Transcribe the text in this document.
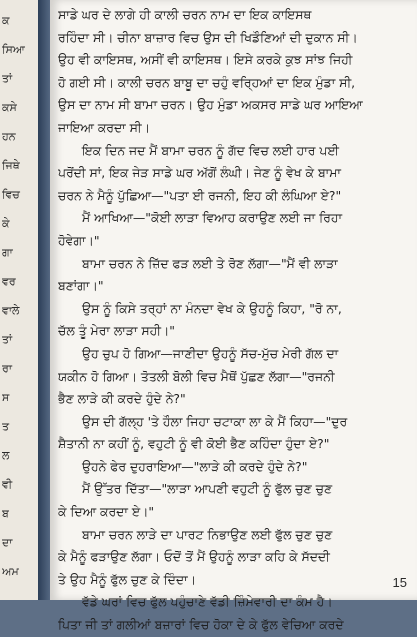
ਕ
ਸਿਆ
ਤਾਂ
ਕਸੇ
ਹਨ
ਜਿਥੇ
ਵਿਚ
ਕੇ
ਗਾ
ਵਰ
ਵਾਲੇ
ਤਾਂ
ਰਾ
ਸ
ਤ
ਲ
ਵੀ
ਬ
ਦਾ
ਅਮ
ਸਾਡੇ ਘਰ ਦੇ ਲਾਗੇ ਹੀ ਕਾਲੀ ਚਰਨ ਨਾਮ ਦਾ ਇਕ ਕਾਇਸਥ
ਰਹਿੰਦਾ ਸੀ। ਚੀਨਾ ਬਾਜ਼ਾਰ ਵਿਚ ਉਸ ਦੀ ਖਿਡੌਣਿਆਂ ਦੀ ਦੁਕਾਨ ਸੀ।
ਉਹ ਵੀ ਕਾਇਸਥ, ਅਸੀਂ ਵੀ ਕਾਇਸਥ। ਇਸੇ ਕਰਕੇ ਕੁਝ ਸਾਂਝ ਜਿਹੀ
ਹੋ ਗਈ ਸੀ। ਕਾਲੀ ਚਰਨ ਬਾਬੂ ਦਾ ਚਹੁੰ ਵਰ੍ਹਿਆਂ ਦਾ ਇਕ ਮੁੰਡਾ ਸੀ,
ਉਸ ਦਾ ਨਾਮ ਸੀ ਬਾਮਾ ਚਰਨ। ਉਹ ਮੁੰਡਾ ਅਕਸਰ ਸਾਡੇ ਘਰ ਆਇਆ
ਜਾਇਆ ਕਰਦਾ ਸੀ।
ਇਕ ਦਿਨ ਜਦ ਮੈਂ ਬਾਮਾ ਚਰਨ ਨੂੰ ਗੱਦ ਵਿਚ ਲਈ ਹਾਰ ਪਈ
ਪਰੋਂਦੀ ਸਾਂ, ਇਕ ਜੇੜ ਸਾਡੇ ਘਰ ਅੱਗੋਂ ਲੰਘੀ। ਜੇਣ ਨੂੰ ਵੇਖ ਕੇ ਬਾਮਾ
ਚਰਨ ਨੇ ਮੈਨੂੰ ਪੁੱਛਿਆ—"ਪਤਾ ਈ ਰਜਨੀ, ਇਹ ਕੀ ਲੰਘਿਆ ਏ?"
ਮੈਂ ਆਖਿਆ—"ਕੋਈ ਲਾੜਾ ਵਿਆਹ ਕਰਾਉਣ ਲਈ ਜਾ ਰਿਹਾ
ਹੋਵੇਗਾ।"
ਬਾਮਾ ਚਰਨ ਨੇ ਜ਼ਿੱਦ ਫੜ ਲਈ ਤੇ ਰੋਣ ਲੱਗਾ—"ਮੈਂ ਵੀ ਲਾੜਾ
ਬਣਾਂਗਾ।"
ਉਸ ਨੂੰ ਕਿਸੇ ਤਰ੍ਹਾਂ ਨਾ ਮੰਨਦਾ ਵੇਖ ਕੇ ਉਹਨੂੰ ਕਿਹਾ, "ਰੋ ਨਾ,
ਚੱਲ ਤੂੰ ਮੇਰਾ ਲਾੜਾ ਸਹੀ।"
ਉਹ ਚੁਪ ਹੋ ਗਿਆ—ਜਾਣੀਦਾ ਉਹਨੂੰ ਸੱਚ-ਮੁੱਚ ਮੇਰੀ ਗੱਲ ਦਾ
ਯਕੀਨ ਹੋ ਗਿਆ। ਤੋਤਲੀ ਬੋਲੀ ਵਿਚ ਮੈਥੋਂ ਪੁੱਛਣ ਲੱਗਾ—"ਰਜਨੀ
ਭੈਣ ਲਾੜੇ ਕੀ ਕਰਦੇ ਹੁੰਦੇ ਨੇ?"
ਉਸ ਦੀ ਗੱਲ੍ਹ 'ਤੇ ਹੌਲਾ ਜਿਹਾ ਚਟਾਕਾ ਲਾ ਕੇ ਮੈਂ ਕਿਹਾ—"ਦੁਰ
ਸ਼ੈਤਾਨੀ ਨਾ ਕਹੀਂ ਨੂੰ, ਵਹੁਟੀ ਨੂੰ ਵੀ ਕੋਈ ਭੈਣ ਕਹਿੰਦਾ ਹੁੰਦਾ ਏ?"
ਉਹਨੇ ਫੇਰ ਦੁਹਰਾਇਆ—"ਲਾੜੇ ਕੀ ਕਰਦੇ ਹੁੰਦੇ ਨੇ?"
ਮੈਂ ਉੱਤਰ ਦਿੱਤਾ—"ਲਾੜਾ ਆਪਣੀ ਵਹੁਟੀ ਨੂੰ ਫੁੱਲ ਚੁਣ ਚੁਣ
ਕੇ ਦਿਆ ਕਰਦਾ ਏ।"
ਬਾਮਾ ਚਰਨ ਲਾੜੇ ਦਾ ਪਾਰਟ ਨਿਭਾਉਣ ਲਈ ਫੁੱਲ ਚੁਣ ਚੁਣ
ਕੇ ਮੈਨੂੰ ਫੜਾਉਣ ਲੱਗਾ। ਓਦੋਂ ਤੋਂ ਮੈਂ ਉਹਨੂੰ ਲਾੜਾ ਕਹਿ ਕੇ ਸੱਦਦੀ
ਤੇ ਉਹ ਮੈਨੂੰ ਫੁੱਲ ਚੁਣ ਕੇ ਦਿੰਦਾ।
ਵੱਡੇ ਘਰਾਂ ਵਿਚ ਫੁੱਲ ਪਹੁੰਚਾਣੇ ਵੱਡੀ ਜ਼ਿੰਮੇਵਾਰੀ ਦਾ ਕੰਮ ਹੈ।
ਪਿਤਾ ਜੀ ਤਾਂ ਗਲੀਆਂ ਬਜ਼ਾਰਾਂ ਵਿਚ ਹੋਕਾ ਦੇ ਕੇ ਫੁੱਲ ਵੇਚਿਆ ਕਰਦੇ
15
